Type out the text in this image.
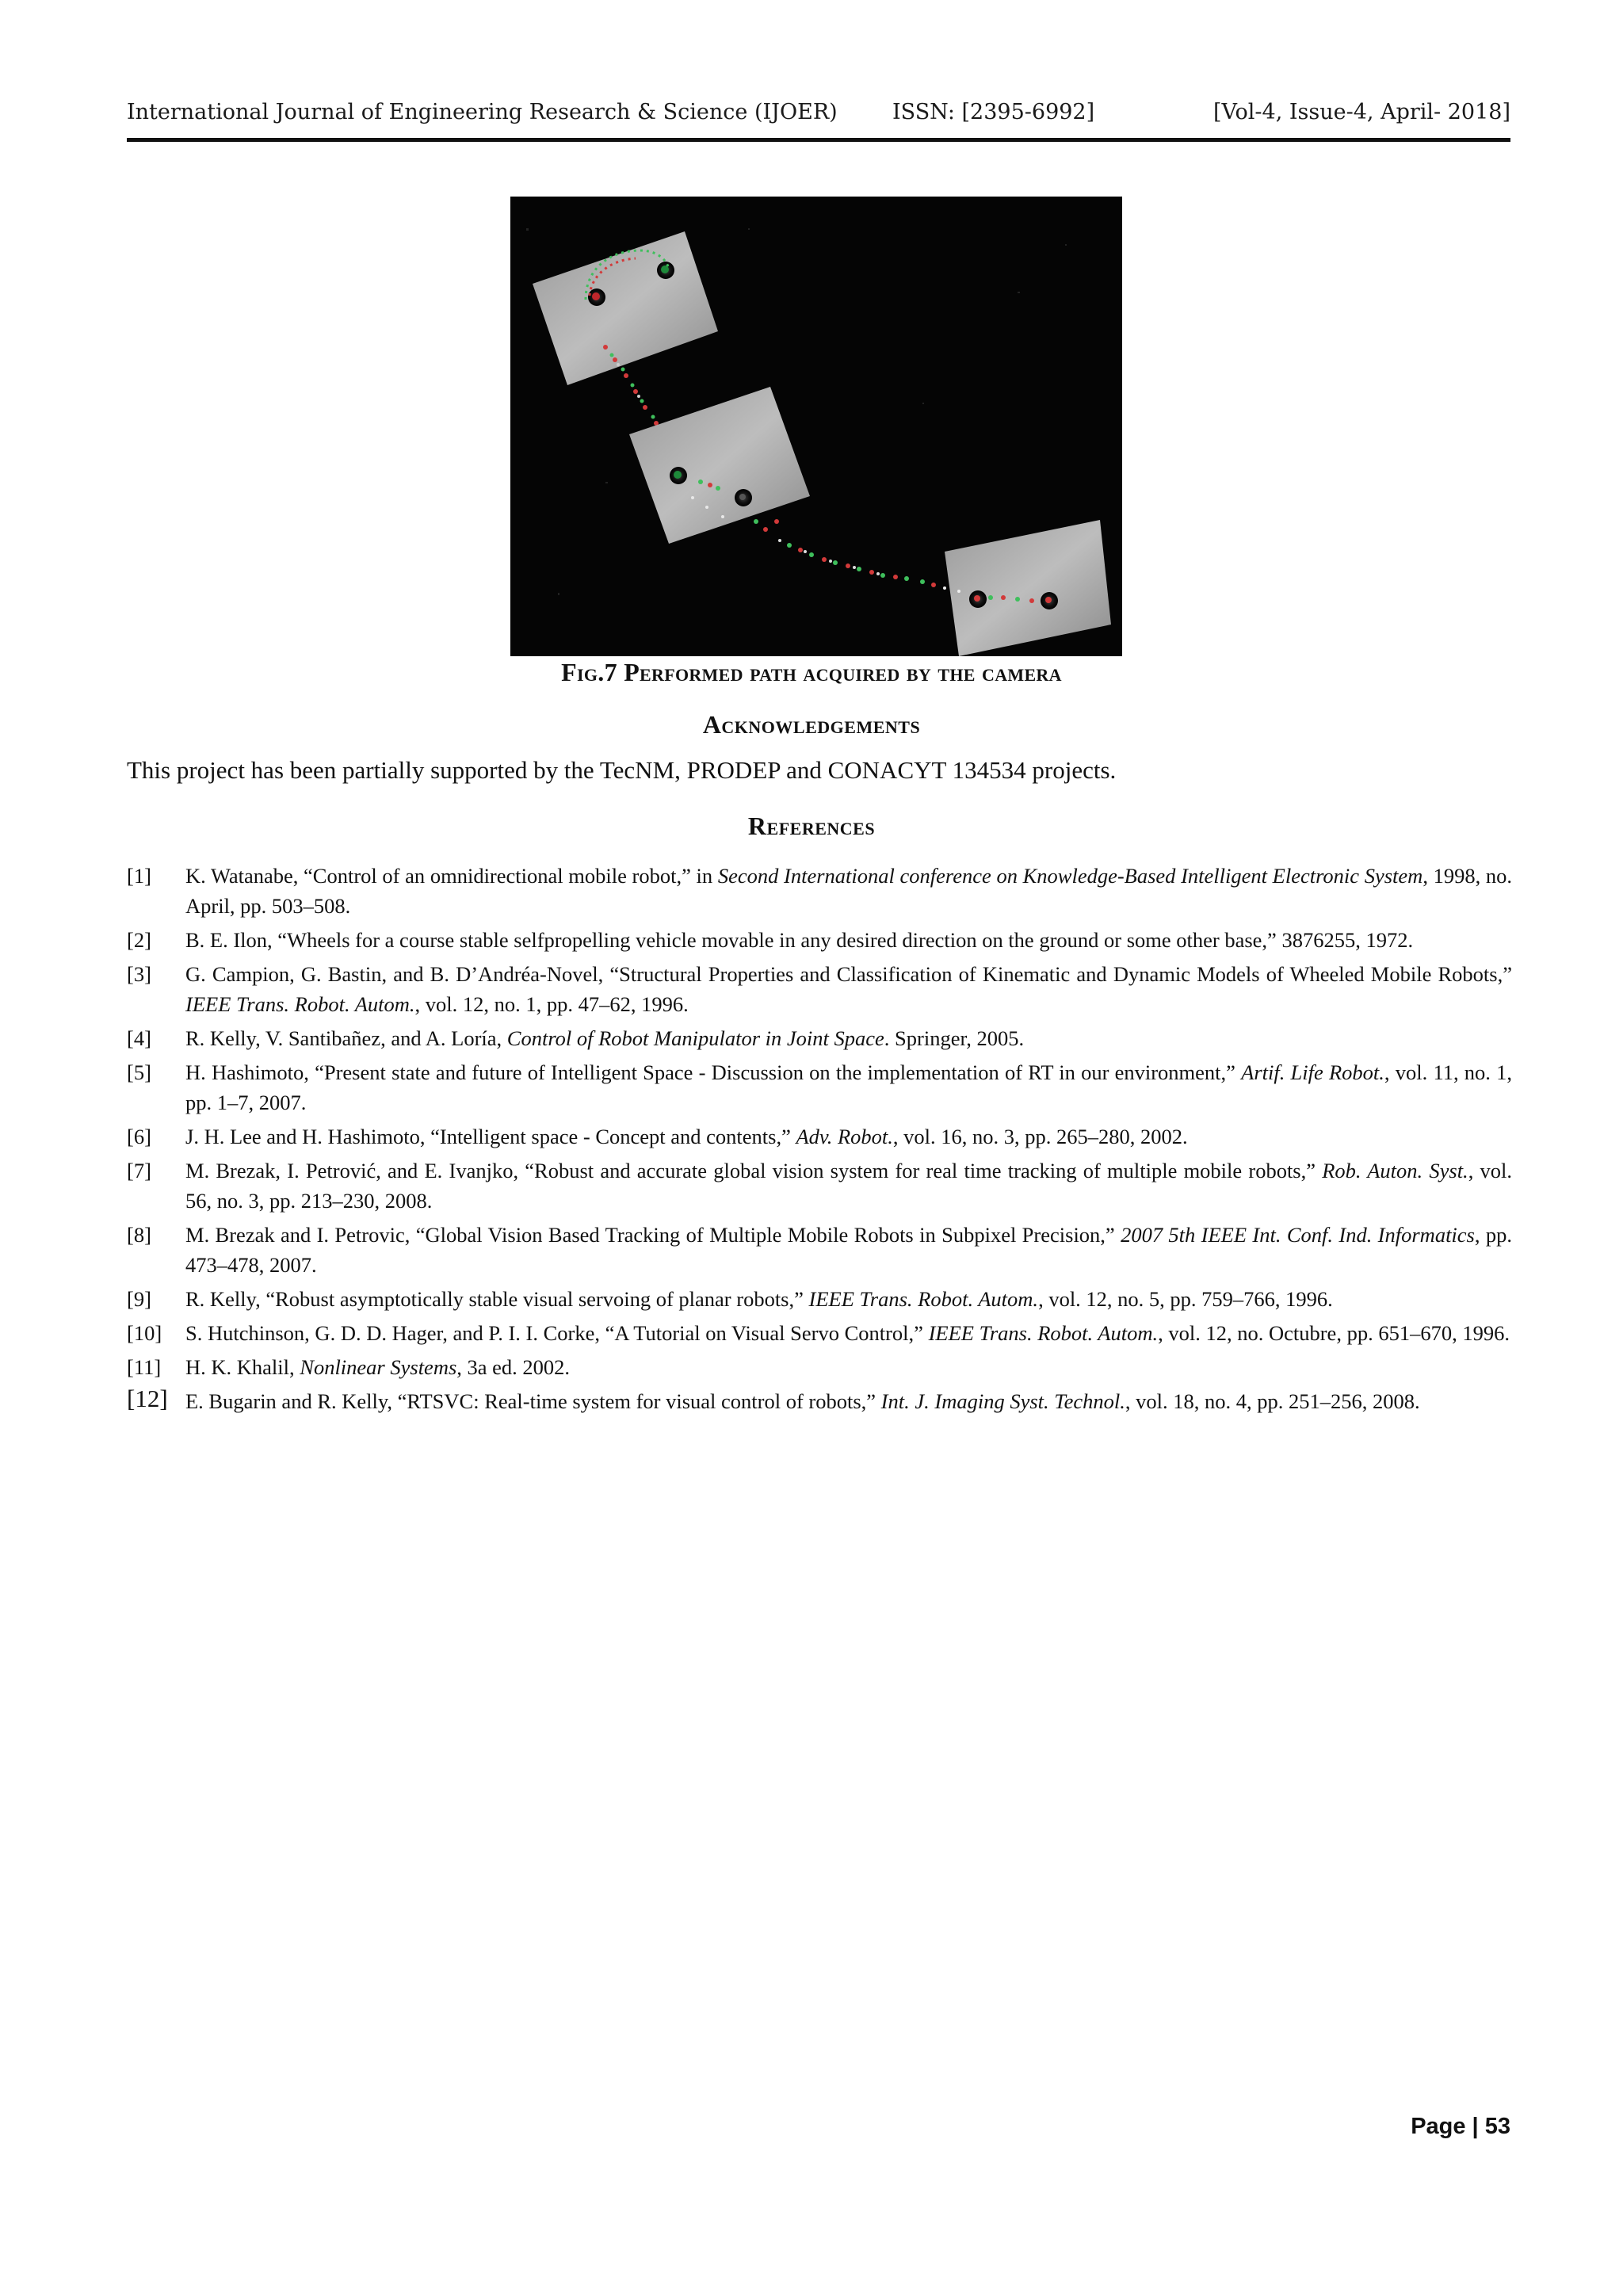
International Journal of Engineering Research & Science (IJOER)	ISSN: [2395-6992]	[Vol-4, Issue-4, April- 2018]
Fig.7 Performed path acquired by the camera
Acknowledgements
This project has been partially supported by the TecNM, PRODEP and CONACYT 134534 projects.
References
[1] K. Watanabe, “Control of an omnidirectional mobile robot,” in Second International conference on Knowledge-Based Intelligent Electronic System, 1998, no. April, pp. 503–508.
[2] B. E. Ilon, “Wheels for a course stable selfpropelling vehicle movable in any desired direction on the ground or some other base,” 3876255, 1972.
[3] G. Campion, G. Bastin, and B. D’Andréa-Novel, “Structural Properties and Classification of Kinematic and Dynamic Models of Wheeled Mobile Robots,” IEEE Trans. Robot. Autom., vol. 12, no. 1, pp. 47–62, 1996.
[4] R. Kelly, V. Santibañez, and A. Loría, Control of Robot Manipulator in Joint Space. Springer, 2005.
[5] H. Hashimoto, “Present state and future of Intelligent Space - Discussion on the implementation of RT in our environment,” Artif. Life Robot., vol. 11, no. 1, pp. 1–7, 2007.
[6] J. H. Lee and H. Hashimoto, “Intelligent space - Concept and contents,” Adv. Robot., vol. 16, no. 3, pp. 265–280, 2002.
[7] M. Brezak, I. Petrović, and E. Ivanjko, “Robust and accurate global vision system for real time tracking of multiple mobile robots,” Rob. Auton. Syst., vol. 56, no. 3, pp. 213–230, 2008.
[8] M. Brezak and I. Petrovic, “Global Vision Based Tracking of Multiple Mobile Robots in Subpixel Precision,” 2007 5th IEEE Int. Conf. Ind. Informatics, pp. 473–478, 2007.
[9] R. Kelly, “Robust asymptotically stable visual servoing of planar robots,” IEEE Trans. Robot. Autom., vol. 12, no. 5, pp. 759–766, 1996.
[10] S. Hutchinson, G. D. D. Hager, and P. I. I. Corke, “A Tutorial on Visual Servo Control,” IEEE Trans. Robot. Autom., vol. 12, no. Octubre, pp. 651–670, 1996.
[11] H. K. Khalil, Nonlinear Systems, 3a ed. 2002.
[12] E. Bugarin and R. Kelly, “RTSVC: Real-time system for visual control of robots,” Int. J. Imaging Syst. Technol., vol. 18, no. 4, pp. 251–256, 2008.
Page | 53
